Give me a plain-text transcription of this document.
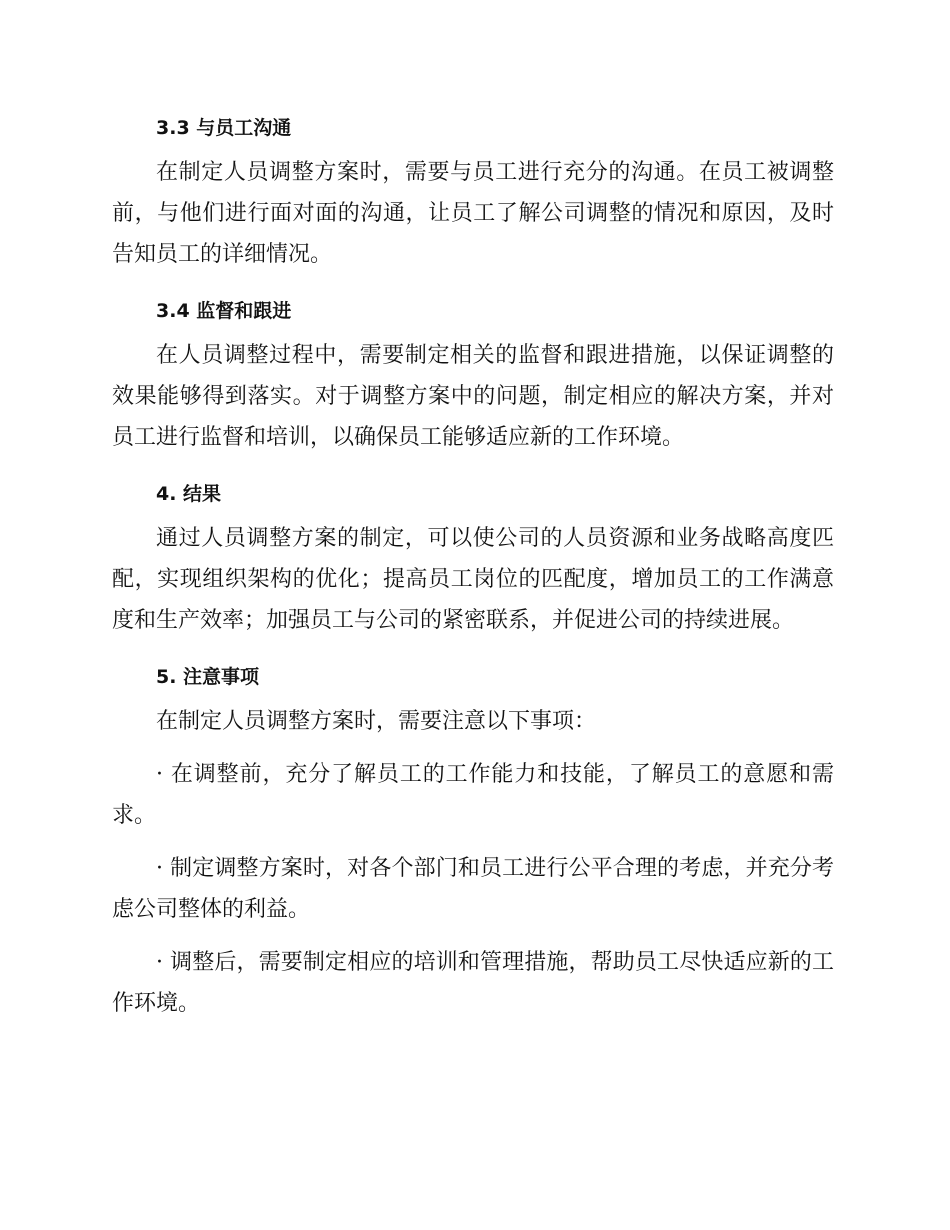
3.3 与员工沟通

在制定人员调整方案时，需要与员工进行充分的沟通。在员工被调整前，与他们进行面对面的沟通，让员工了解公司调整的情况和原因，及时告知员工的详细情况。

3.4 监督和跟进

在人员调整过程中，需要制定相关的监督和跟进措施，以保证调整的效果能够得到落实。对于调整方案中的问题，制定相应的解决方案，并对员工进行监督和培训，以确保员工能够适应新的工作环境。

4. 结果

通过人员调整方案的制定，可以使公司的人员资源和业务战略高度匹配，实现组织架构的优化；提高员工岗位的匹配度，增加员工的工作满意度和生产效率；加强员工与公司的紧密联系，并促进公司的持续进展。

5. 注意事项

在制定人员调整方案时，需要注意以下事项：

· 在调整前，充分了解员工的工作能力和技能，了解员工的意愿和需求。

· 制定调整方案时，对各个部门和员工进行公平合理的考虑，并充分考虑公司整体的利益。

· 调整后，需要制定相应的培训和管理措施，帮助员工尽快适应新的工作环境。
